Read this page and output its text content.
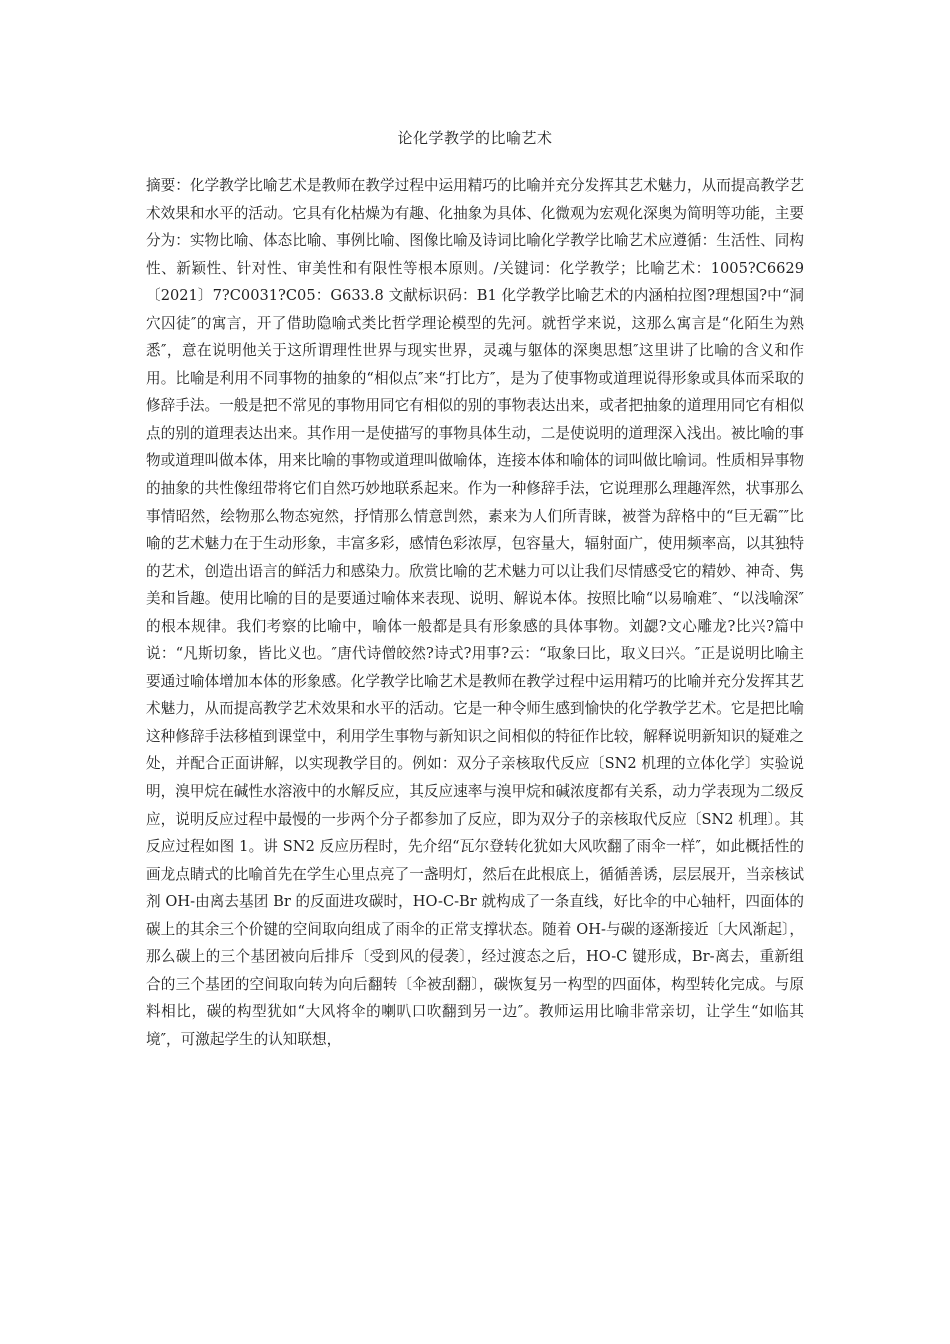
论化学教学的比喻艺术
摘要：化学教学比喻艺术是教师在教学过程中运用精巧的比喻并充分发挥其艺术魅力，从而提高教学艺术效果和水平的活动。它具有化枯燥为有趣、化抽象为具体、化微观为宏观化深奥为简明等功能，主要分为：实物比喻、体态比喻、事例比喻、图像比喻及诗词比喻化学教学比喻艺术应遵循：生活性、同构性、新颖性、针对性、审美性和有限性等根本原则。/关键词：化学教学；比喻艺术：1005?C6629〔2021〕7?C0031?C05：G633.8 文献标识码：B1 化学教学比喻艺术的内涵柏拉图?理想国?中“洞穴囚徒″的寓言，开了借助隐喻式类比哲学理论模型的先河。就哲学来说，这那么寓言是“化陌生为熟悉″，意在说明他关于这所谓理性世界与现实世界，灵魂与躯体的深奥思想″这里讲了比喻的含义和作用。比喻是利用不同事物的抽象的“相似点″来“打比方″，是为了使事物或道理说得形象或具体而采取的修辞手法。一般是把不常见的事物用同它有相似的别的事物表达出来，或者把抽象的道理用同它有相似点的别的道理表达出来。其作用一是使描写的事物具体生动，二是使说明的道理深入浅出。被比喻的事物或道理叫做本体，用来比喻的事物或道理叫做喻体，连接本体和喻体的词叫做比喻词。性质相异事物的抽象的共性像纽带将它们自然巧妙地联系起来。作为一种修辞手法，它说理那么理趣浑然，状事那么事情昭然，绘物那么物态宛然，抒情那么情意剀然，素来为人们所青睐，被誉为辞格中的“巨无霸″″比喻的艺术魅力在于生动形象，丰富多彩，感情色彩浓厚，包容量大，辐射面广，使用频率高，以其独特的艺术，创造出语言的鲜活力和感染力。欣赏比喻的艺术魅力可以让我们尽情感受它的精妙、神奇、隽美和旨趣。使用比喻的目的是要通过喻体来表现、说明、解说本体。按照比喻“以易喻难″、“以浅喻深″的根本规律。我们考察的比喻中，喻体一般都是具有形象感的具体事物。刘勰?文心雕龙?比兴?篇中说：“凡斯切象，皆比义也。″唐代诗僧皎然?诗式?用事?云：“取象曰比，取义曰兴。″正是说明比喻主要通过喻体增加本体的形象感。化学教学比喻艺术是教师在教学过程中运用精巧的比喻并充分发挥其艺术魅力，从而提高教学艺术效果和水平的活动。它是一种令师生感到愉快的化学教学艺术。它是把比喻这种修辞手法移植到课堂中，利用学生事物与新知识之间相似的特征作比较，解释说明新知识的疑难之处，并配合正面讲解，以实现教学目的。例如：双分子亲核取代反应〔SN2 机理的立体化学〕实验说明，溴甲烷在碱性水溶液中的水解反应，其反应速率与溴甲烷和碱浓度都有关系，动力学表现为二级反应，说明反应过程中最慢的一步两个分子都参加了反应，即为双分子的亲核取代反应〔SN2 机理〕。其反应过程如图 1。讲 SN2 反应历程时，先介绍“瓦尔登转化犹如大风吹翻了雨伞一样″，如此概括性的画龙点睛式的比喻首先在学生心里点亮了一盏明灯，然后在此根底上，循循善诱，层层展开，当亲核试剂 OH-由离去基团 Br 的反面进攻碳时，HO-C-Br 就构成了一条直线，好比伞的中心轴杆，四面体的碳上的其余三个价键的空间取向组成了雨伞的正常支撑状态。随着 OH-与碳的逐渐接近〔大风渐起〕，那么碳上的三个基团被向后排斥〔受到风的侵袭〕，经过渡态之后，HO-C 键形成，Br-离去，重新组合的三个基团的空间取向转为向后翻转〔伞被刮翻〕，碳恢复另一构型的四面体，构型转化完成。与原料相比，碳的构型犹如“大风将伞的喇叭口吹翻到另一边″。教师运用比喻非常亲切，让学生“如临其境″，可激起学生的认知联想，
